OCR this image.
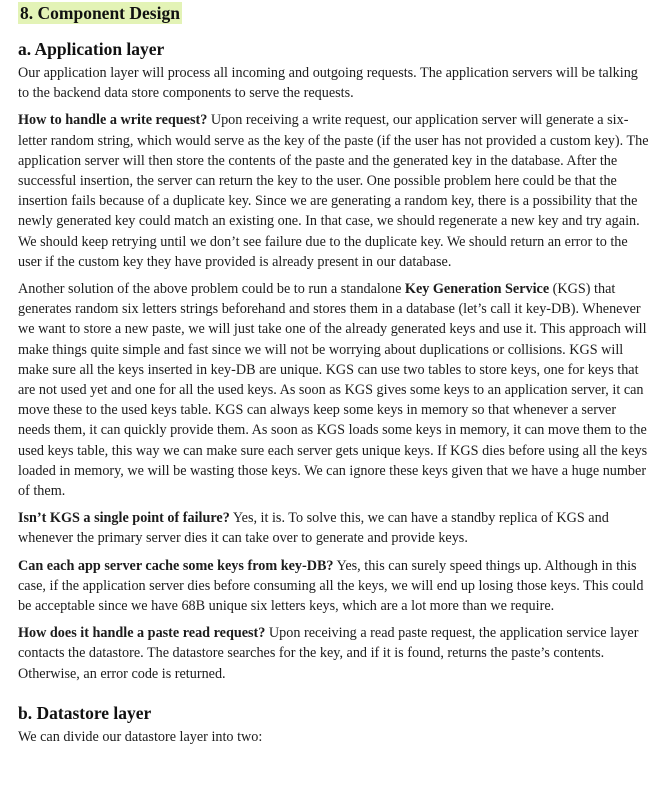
8. Component Design
a. Application layer

Our application layer will process all incoming and outgoing requests. The application servers will be talking to the backend data store components to serve the requests.

How to handle a write request? Upon receiving a write request, our application server will generate a six-letter random string, which would serve as the key of the paste (if the user has not provided a custom key). The application server will then store the contents of the paste and the generated key in the database. After the successful insertion, the server can return the key to the user. One possible problem here could be that the insertion fails because of a duplicate key. Since we are generating a random key, there is a possibility that the newly generated key could match an existing one. In that case, we should regenerate a new key and try again. We should keep retrying until we don’t see failure due to the duplicate key. We should return an error to the user if the custom key they have provided is already present in our database.

Another solution of the above problem could be to run a standalone Key Generation Service (KGS) that generates random six letters strings beforehand and stores them in a database (let’s call it key-DB). Whenever we want to store a new paste, we will just take one of the already generated keys and use it. This approach will make things quite simple and fast since we will not be worrying about duplications or collisions. KGS will make sure all the keys inserted in key-DB are unique. KGS can use two tables to store keys, one for keys that are not used yet and one for all the used keys. As soon as KGS gives some keys to an application server, it can move these to the used keys table. KGS can always keep some keys in memory so that whenever a server needs them, it can quickly provide them. As soon as KGS loads some keys in memory, it can move them to the used keys table, this way we can make sure each server gets unique keys. If KGS dies before using all the keys loaded in memory, we will be wasting those keys. We can ignore these keys given that we have a huge number of them.

Isn’t KGS a single point of failure? Yes, it is. To solve this, we can have a standby replica of KGS and whenever the primary server dies it can take over to generate and provide keys.

Can each app server cache some keys from key-DB? Yes, this can surely speed things up. Although in this case, if the application server dies before consuming all the keys, we will end up losing those keys. This could be acceptable since we have 68B unique six letters keys, which are a lot more than we require.

How does it handle a paste read request? Upon receiving a read paste request, the application service layer contacts the datastore. The datastore searches for the key, and if it is found, returns the paste’s contents. Otherwise, an error code is returned.

b. Datastore layer

We can divide our datastore layer into two:
